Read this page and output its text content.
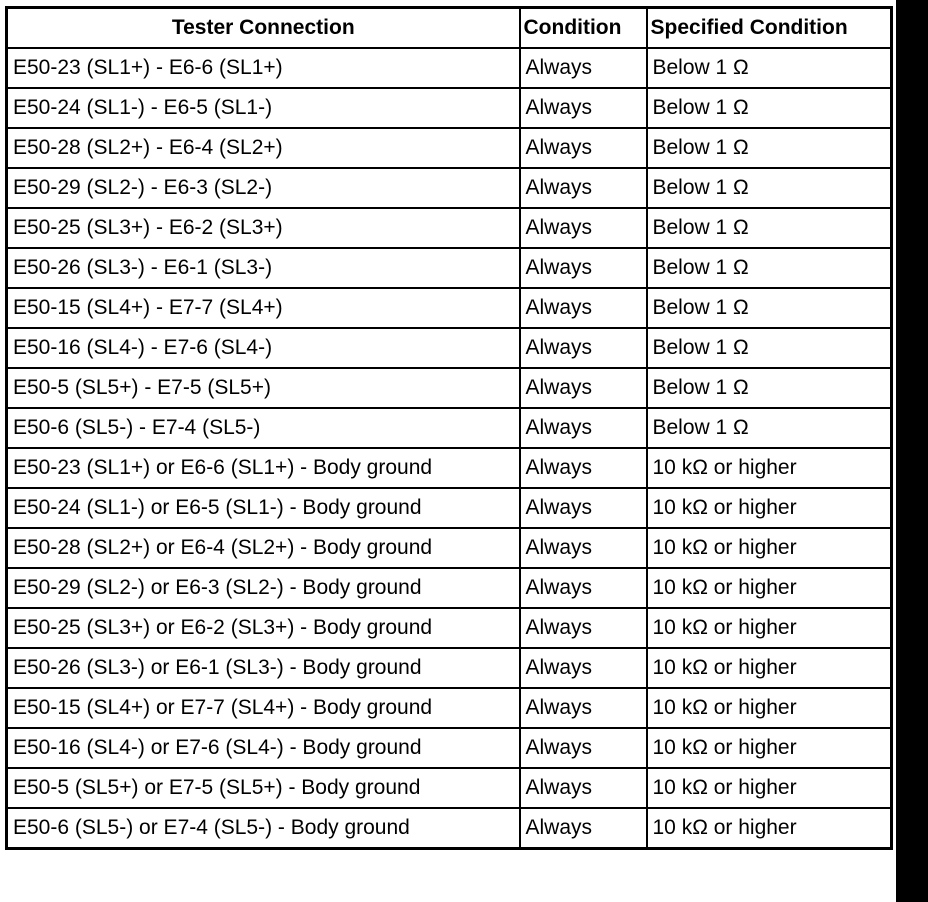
Tester Connection	Condition	Specified Condition
E50-23 (SL1+) - E6-6 (SL1+)	Always	Below 1 Ω
E50-24 (SL1-) - E6-5 (SL1-)	Always	Below 1 Ω
E50-28 (SL2+) - E6-4 (SL2+)	Always	Below 1 Ω
E50-29 (SL2-) - E6-3 (SL2-)	Always	Below 1 Ω
E50-25 (SL3+) - E6-2 (SL3+)	Always	Below 1 Ω
E50-26 (SL3-) - E6-1 (SL3-)	Always	Below 1 Ω
E50-15 (SL4+) - E7-7 (SL4+)	Always	Below 1 Ω
E50-16 (SL4-) - E7-6 (SL4-)	Always	Below 1 Ω
E50-5 (SL5+) - E7-5 (SL5+)	Always	Below 1 Ω
E50-6 (SL5-) - E7-4 (SL5-)	Always	Below 1 Ω
E50-23 (SL1+) or E6-6 (SL1+) - Body ground	Always	10 kΩ or higher
E50-24 (SL1-) or E6-5 (SL1-) - Body ground	Always	10 kΩ or higher
E50-28 (SL2+) or E6-4 (SL2+) - Body ground	Always	10 kΩ or higher
E50-29 (SL2-) or E6-3 (SL2-) - Body ground	Always	10 kΩ or higher
E50-25 (SL3+) or E6-2 (SL3+) - Body ground	Always	10 kΩ or higher
E50-26 (SL3-) or E6-1 (SL3-) - Body ground	Always	10 kΩ or higher
E50-15 (SL4+) or E7-7 (SL4+) - Body ground	Always	10 kΩ or higher
E50-16 (SL4-) or E7-6 (SL4-) - Body ground	Always	10 kΩ or higher
E50-5 (SL5+) or E7-5 (SL5+) - Body ground	Always	10 kΩ or higher
E50-6 (SL5-) or E7-4 (SL5-) - Body ground	Always	10 kΩ or higher
